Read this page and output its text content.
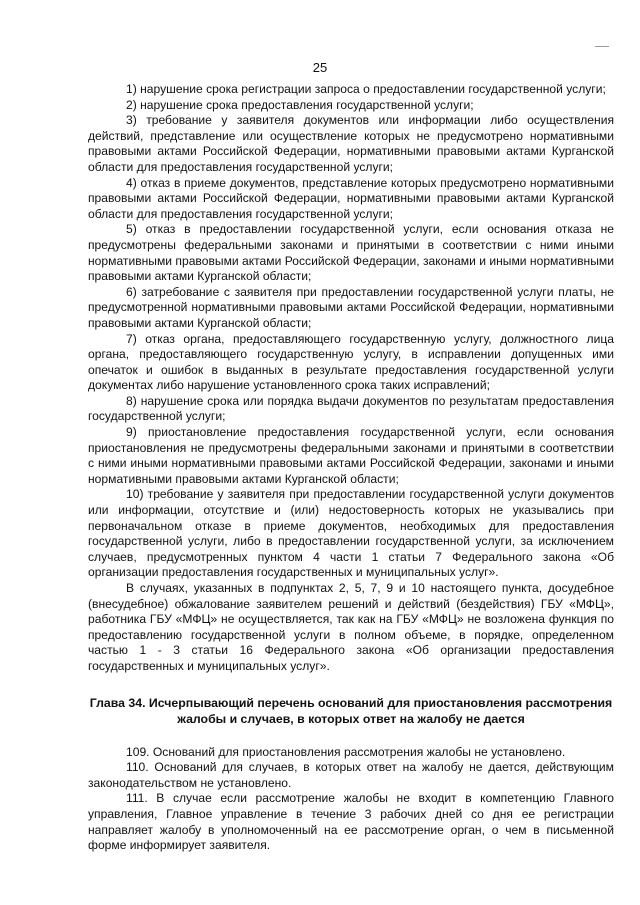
25

1) нарушение срока регистрации запроса о предоставлении государственной услуги;

2) нарушение срока предоставления государственной услуги;

3) требование у заявителя документов или информации либо осуществления действий, представление или осуществление которых не предусмотрено нормативными правовыми актами Российской Федерации, нормативными правовыми актами Курганской области для предоставления государственной услуги;

4) отказ в приеме документов, представление которых предусмотрено нормативными правовыми актами Российской Федерации, нормативными правовыми актами Курганской области для предоставления государственной услуги;

5) отказ в предоставлении государственной услуги, если основания отказа не предусмотрены федеральными законами и принятыми в соответствии с ними иными нормативными правовыми актами Российской Федерации, законами и иными нормативными правовыми актами Курганской области;

6) затребование с заявителя при предоставлении государственной услуги платы, не предусмотренной нормативными правовыми актами Российской Федерации, нормативными правовыми актами Курганской области;

7) отказ органа, предоставляющего государственную услугу, должностного лица органа, предоставляющего государственную услугу, в исправлении допущенных ими опечаток и ошибок в выданных в результате предоставления государственной услуги документах либо нарушение установленного срока таких исправлений;

8) нарушение срока или порядка выдачи документов по результатам предоставления государственной услуги;

9) приостановление предоставления государственной услуги, если основания приостановления не предусмотрены федеральными законами и принятыми в соответствии с ними иными нормативными правовыми актами Российской Федерации, законами и иными нормативными правовыми актами Курганской области;

10) требование у заявителя при предоставлении государственной услуги документов или информации, отсутствие и (или) недостоверность которых не указывались при первоначальном отказе в приеме документов, необходимых для предоставления государственной услуги, либо в предоставлении государственной услуги, за исключением случаев, предусмотренных пунктом 4 части 1 статьи 7 Федерального закона «Об организации предоставления государственных и муниципальных услуг».

В случаях, указанных в подпунктах 2, 5, 7, 9 и 10 настоящего пункта, досудебное (внесудебное) обжалование заявителем решений и действий (бездействия) ГБУ «МФЦ», работника ГБУ «МФЦ» не осуществляется, так как на ГБУ «МФЦ» не возложена функция по предоставлению государственной услуги в полном объеме, в порядке, определенном частью 1 - 3 статьи 16 Федерального закона «Об организации предоставления государственных и муниципальных услуг».

Глава 34. Исчерпывающий перечень оснований для приостановления рассмотрения жалобы и случаев, в которых ответ на жалобу не дается

109. Оснований для приостановления рассмотрения жалобы не установлено.

110. Оснований для случаев, в которых ответ на жалобу не дается, действующим законодательством не установлено.

111. В случае если рассмотрение жалобы не входит в компетенцию Главного управления, Главное управление в течение 3 рабочих дней со дня ее регистрации направляет жалобу в уполномоченный на ее рассмотрение орган, о чем в письменной форме информирует заявителя.
